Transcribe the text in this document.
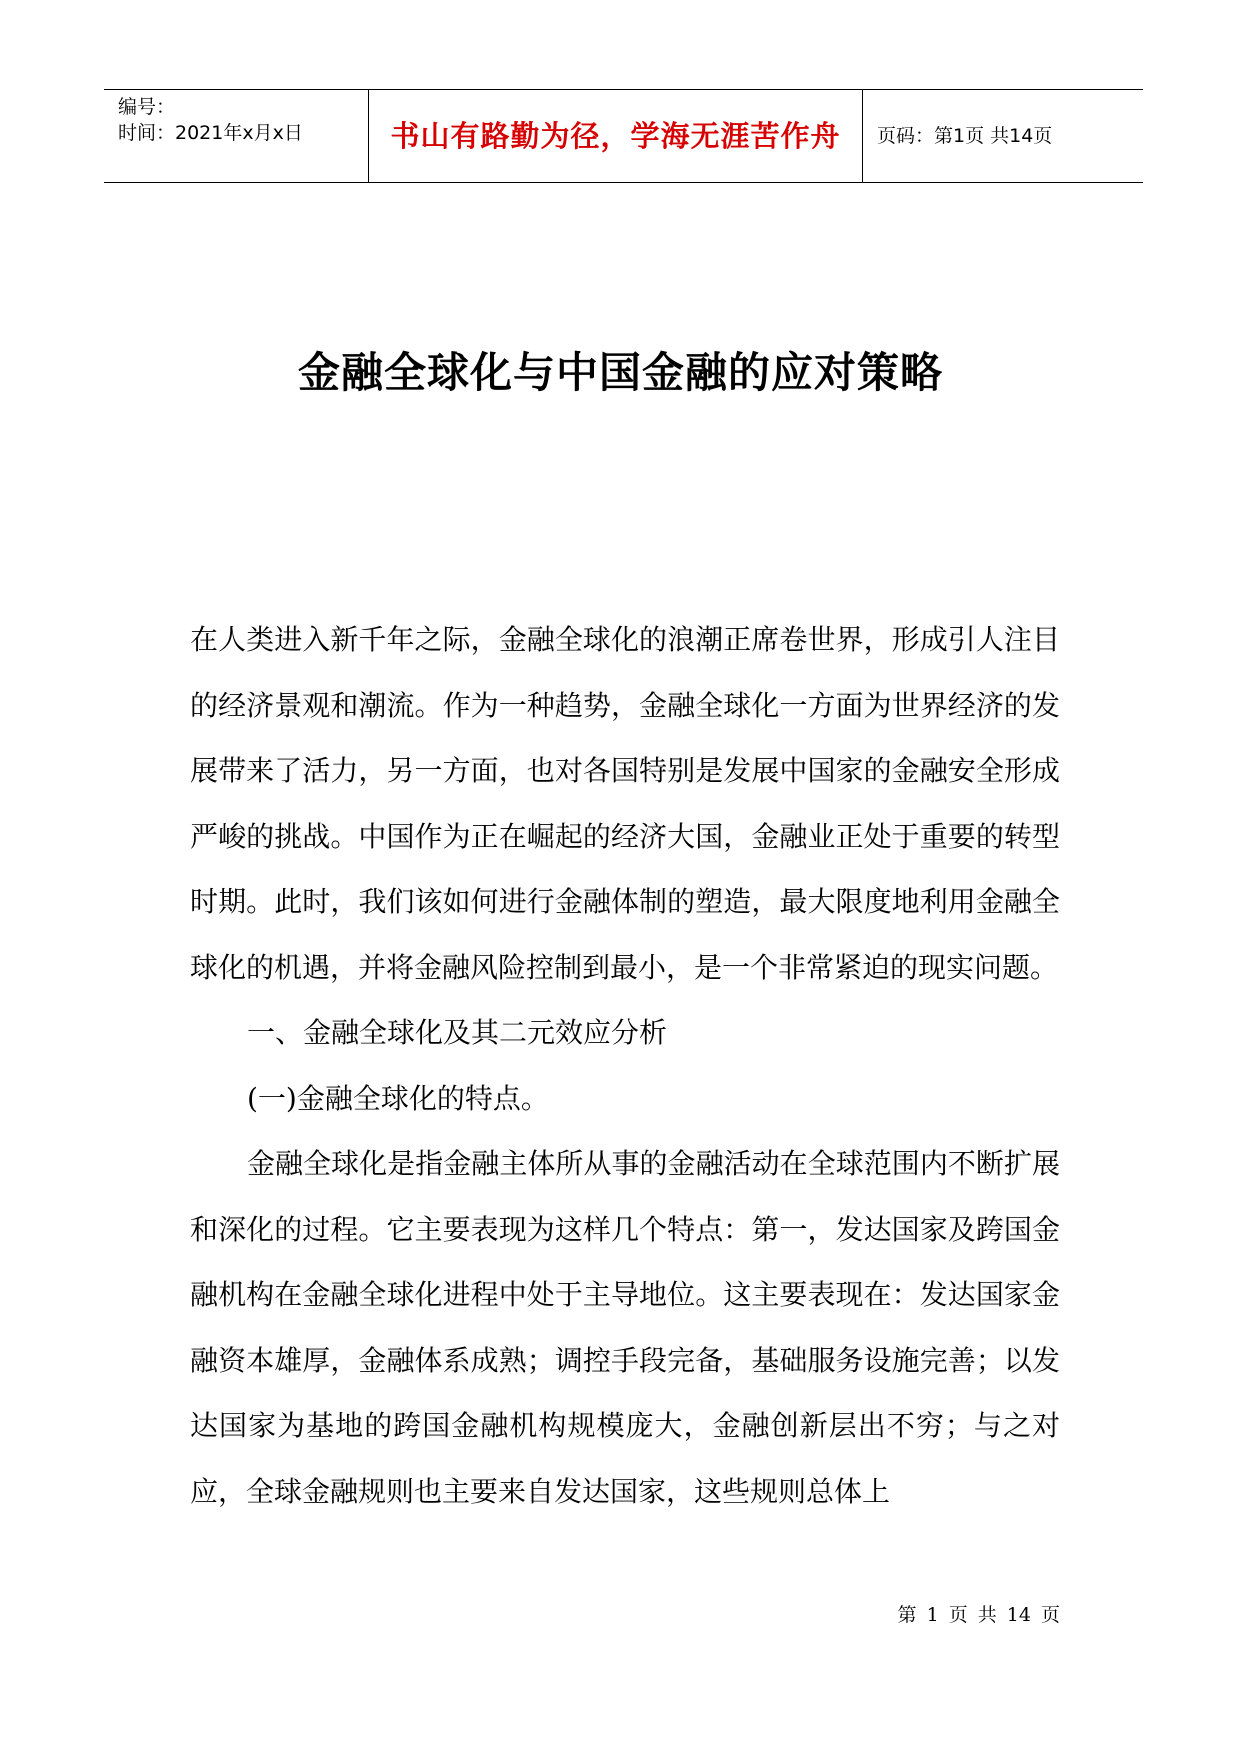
编号：
时间：2021年x月x日	书山有路勤为径，学海无涯苦作舟	页码：第1页 共14页
金融全球化与中国金融的应对策略

在人类进入新千年之际，金融全球化的浪潮正席卷世界，形成引人注目的经济景观和潮流。作为一种趋势，金融全球化一方面为世界经济的发展带来了活力，另一方面，也对各国特别是发展中国家的金融安全形成严峻的挑战。中国作为正在崛起的经济大国，金融业正处于重要的转型时期。此时，我们该如何进行金融体制的塑造，最大限度地利用金融全球化的机遇，并将金融风险控制到最小，是一个非常紧迫的现实问题。

一、金融全球化及其二元效应分析

(一)金融全球化的特点。

金融全球化是指金融主体所从事的金融活动在全球范围内不断扩展和深化的过程。它主要表现为这样几个特点：第一，发达国家及跨国金融机构在金融全球化进程中处于主导地位。这主要表现在：发达国家金融资本雄厚，金融体系成熟；调控手段完备，基础服务设施完善；以发达国家为基地的跨国金融机构规模庞大，金融创新层出不穷；与之对应，全球金融规则也主要来自发达国家，这些规则总体上

第 1 页 共 14 页
